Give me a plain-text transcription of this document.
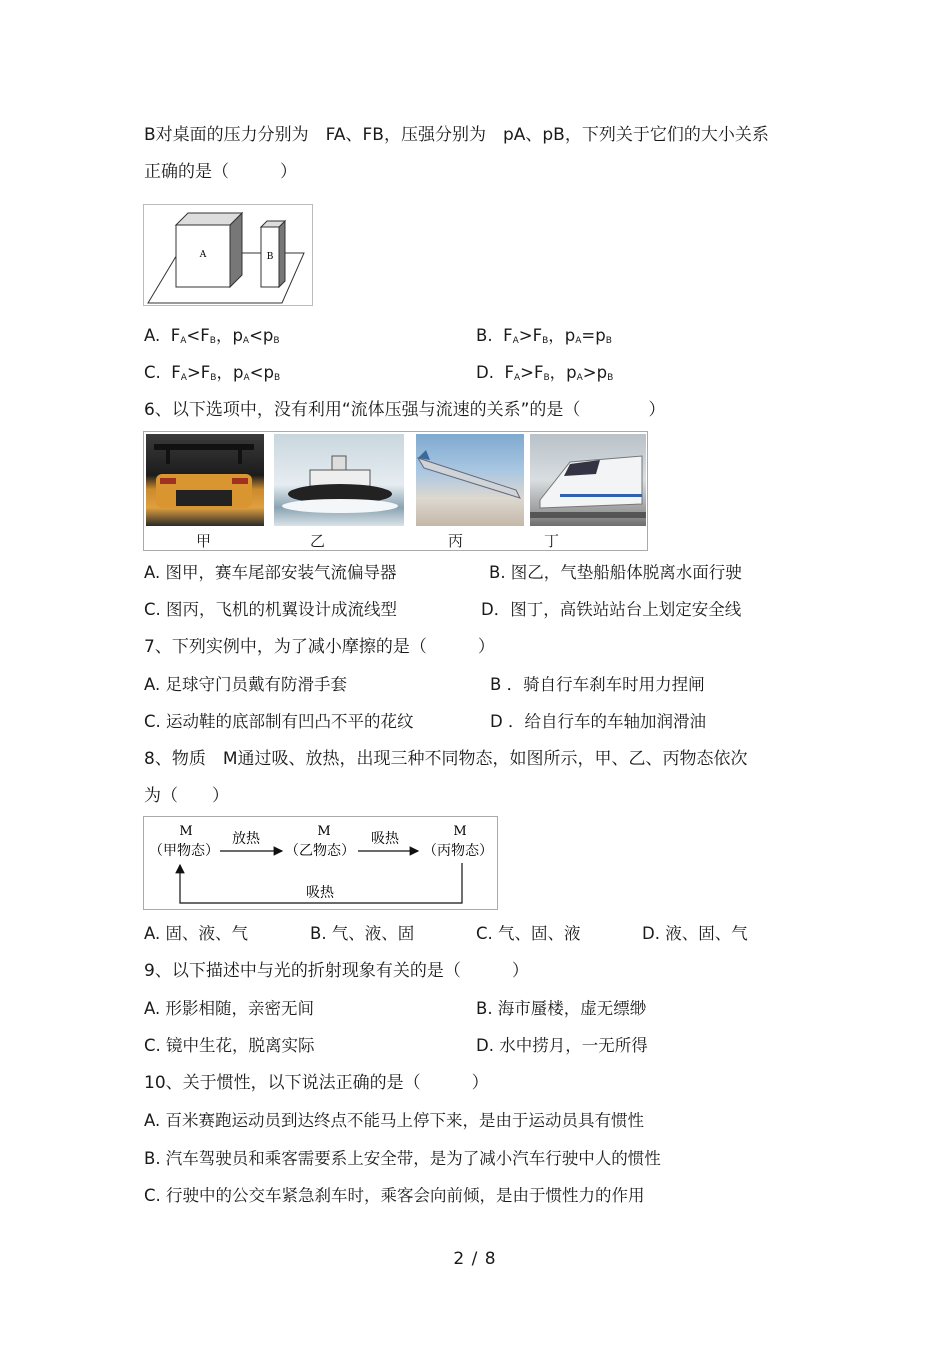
B对桌面的压力分别为　FA、FB，压强分别为　pA、pB，下列关于它们的大小关系
正确的是（　　　）
A	B
A. $F_A<F_B$，$p_A<p_B$	B. $F_A>F_B$，$p_A=p_B$
C. $F_A>F_B$，$p_A<p_B$	D. $F_A>F_B$，$p_A>p_B$
6、以下选项中，没有利用“流体压强与流速的关系”的是（　　　　）
甲	乙	丙	丁
A. 图甲，赛车尾部安装气流偏导器	B. 图乙，气垫船船体脱离水面行驶
C. 图丙，飞机的机翼设计成流线型	D．图丁，高铁站站台上划定安全线
7、下列实例中，为了减小摩擦的是（　　　）
A. 足球守门员戴有防滑手套	B ．骑自行车刹车时用力捏闸
C. 运动鞋的底部制有凹凸不平的花纹	D ．给自行车的车轴加润滑油
8、物质　M通过吸、放热，出现三种不同物态，如图所示，甲、乙、丙物态依次
为（　　）
M
（甲物态）
M
（乙物态）
M
（丙物态）
放热	吸热
吸热
A. 固、液、气	B. 气、液、固	C. 气、固、液	D. 液、固、气
9、以下描述中与光的折射现象有关的是（　　　）
A. 形影相随，亲密无间	B. 海市蜃楼，虚无缥缈
C. 镜中生花，脱离实际	D. 水中捞月，一无所得
10、关于惯性，以下说法正确的是（　　　）
A. 百米赛跑运动员到达终点不能马上停下来，是由于运动员具有惯性
B. 汽车驾驶员和乘客需要系上安全带，是为了减小汽车行驶中人的惯性
C. 行驶中的公交车紧急刹车时，乘客会向前倾，是由于惯性力的作用
2 / 8
